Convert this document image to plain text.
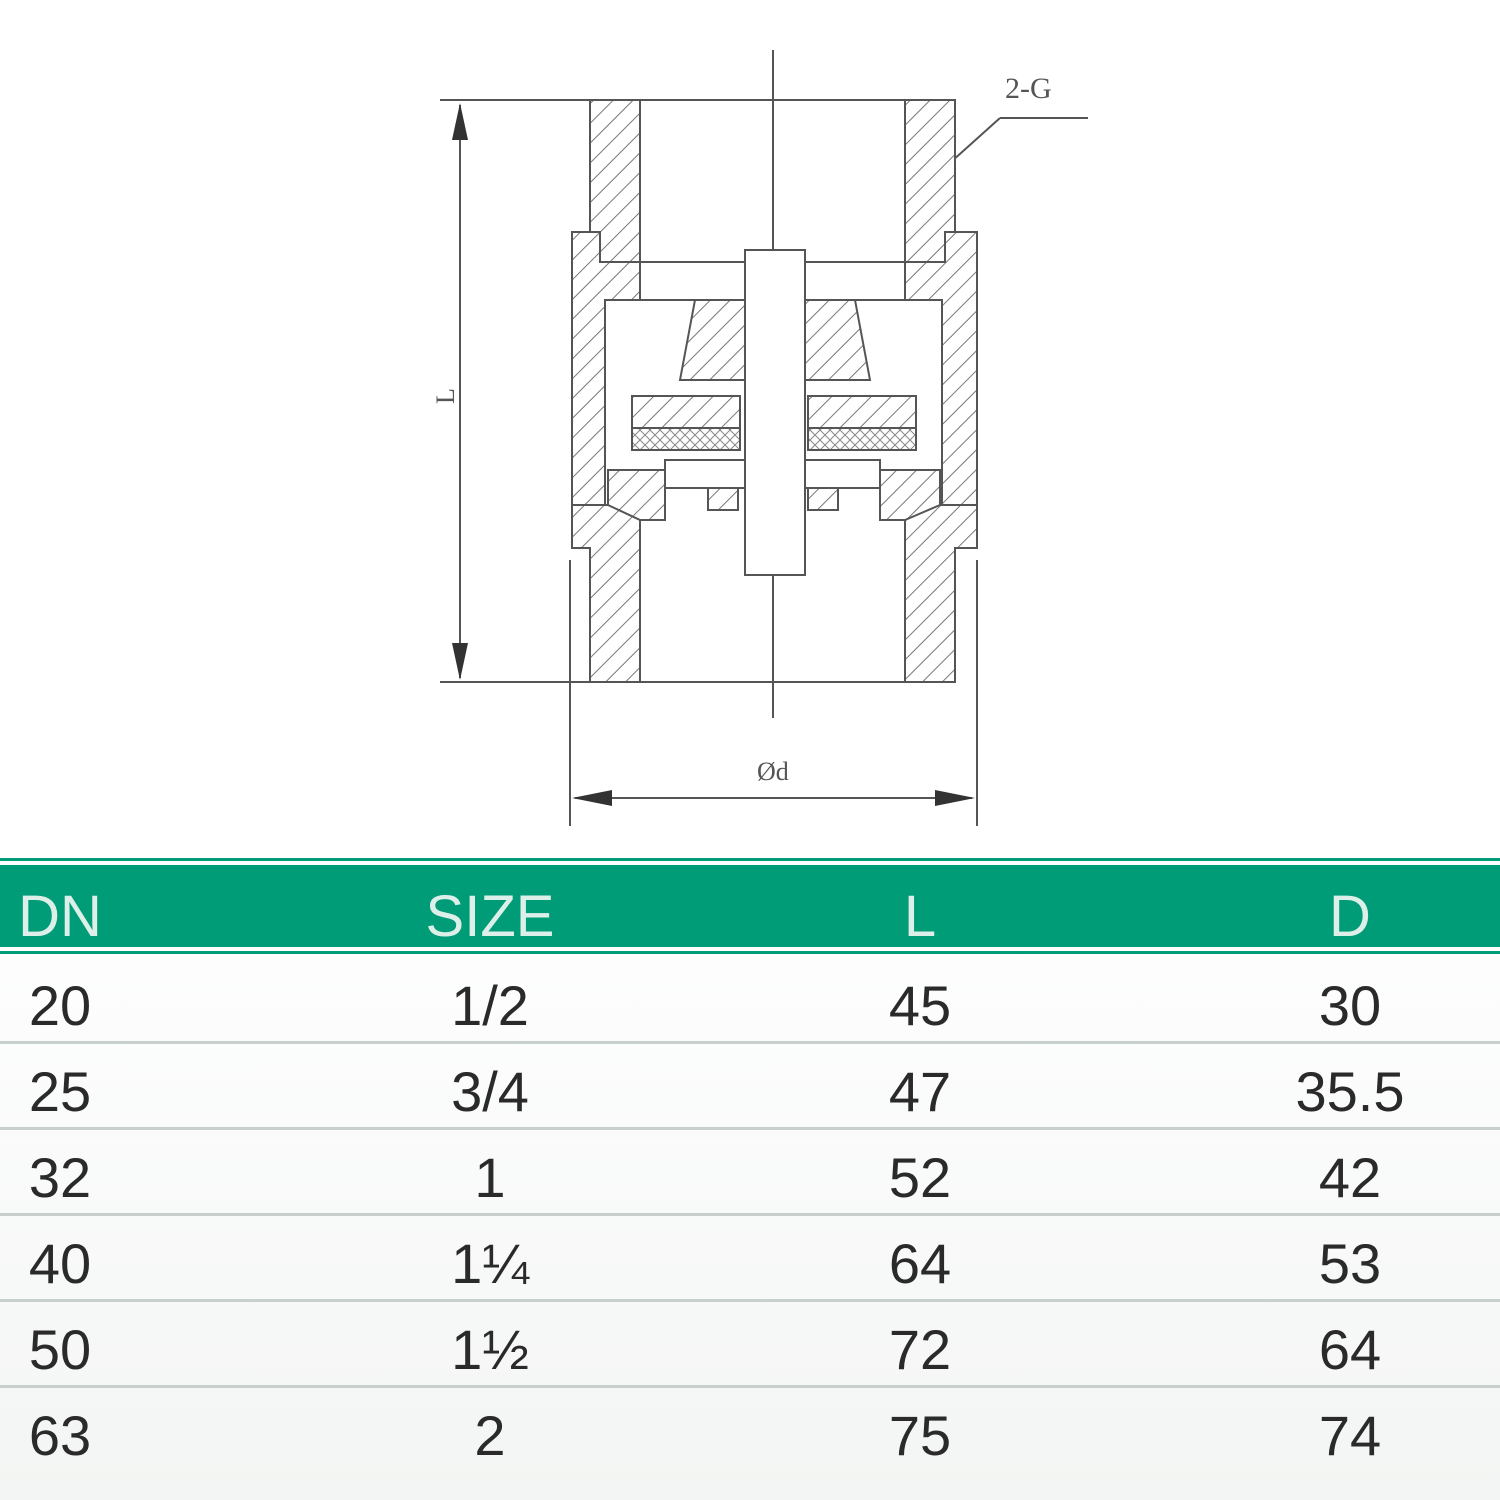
2-G
L
Ød
DN	SIZE	L	D
20	1/2	45	30
25	3/4	47	35.5
32	1	52	42
40	1¼	64	53
50	1½	72	64
63	2	75	74
